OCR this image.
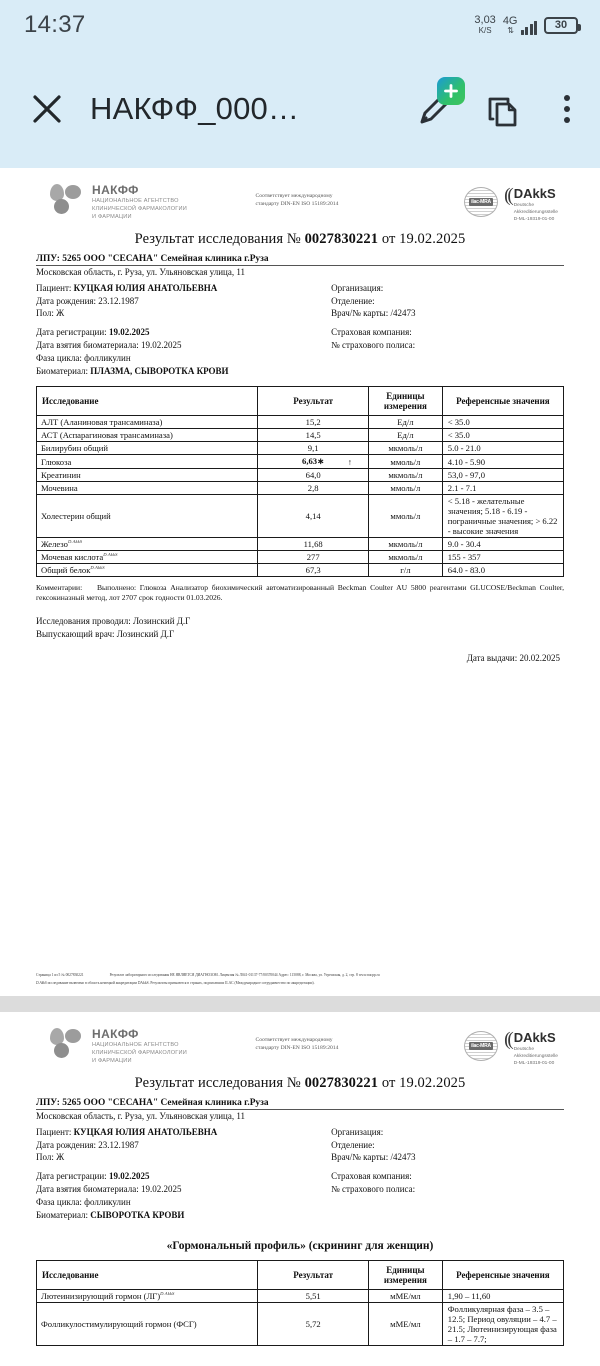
14:37	3,03
K/S
4G
⇅	30
НАКФФ_000…
НАКФФ
НАЦИОНАЛЬНОЕ АГЕНТСТВО
КЛИНИЧЕСКОЙ ФАРМАКОЛОГИИ
И ФАРМАЦИИ
Соответствует международному
стандарту DIN-EN ISO 15189:2014	ilac-MRA (( DAkkS
Deutsche
Akkreditierungsstelle
D-ML-19319-01-00
Результат исследования № 0027830221 от 19.02.2025
ЛПУ: 5265 ООО "СЕСАНА" Семейная клиника г.Руза
Московская область, г. Руза, ул. Ульяновская улица, 11
Пациент: КУЦКАЯ ЮЛИЯ АНАТОЛЬЕВНА
Дата рождения: 23.12.1987
Пол: Ж
Дата регистрации: 19.02.2025
Дата взятия биоматериала: 19.02.2025
Фаза цикла: фолликулин
Биоматериал: ПЛАЗМА, СЫВОРОТКА КРОВИ
Организация:
Отделение:
Врач/№ карты: /42473
Страховая компания:
№ страхового полиса:
Исследование	Результат	Единицы
измерения	Референсные значения
АЛТ (Аланиновая трансаминаза)	15,2	Ед/л	< 35.0
АСТ (Аспарагиновая трансаминаза)	14,5	Ед/л	< 35.0
Билирубин общий	9,1	мкмоль/л	5.0 - 21.0
Глюкоза	6,63∗ ↑	ммоль/л	4.10 - 5.90
Креатинин	64,0	мкмоль/л	53,0 - 97,0
Мочевина	2,8	ммоль/л	2.1 - 7.1
Холестерин общий	4,14	ммоль/л	< 5.18 - желательные значения; 5.18 - 6.19 - пограничные значения; > 6.22 - высокие значения
Железо$^{D.AkkS}$	11,68	мкмоль/л	9.0 - 30.4
Мочевая кислота$^{D.AkkS}$	277	мкмоль/л	155 - 357
Общий белок$^{D.AkkS}$	67,3	г/л	64.0 - 83.0
Комментарии: Выполнено: Глюкоза Анализатор биохимический автоматизированный Beckman Coulter AU 5800 реагентами GLUCOSE/Beckman Coulter, гексокиназный метод, лот 2707 срок годности 01.03.2026.
Исследования проводил: Лозинский Д.Г
Выпускающий врач: Лозинский Д.Г
Дата выдачи: 20.02.2025
Страница 1 из 5 № 0027830221	Результат лабораторного исследования НЕ ЯВЛЯЕТСЯ ДИАГНОЗОМ. Лицензия № Л041-01137-77/00370044 Адрес: 115088, г. Москва, ул. Угрешская, д. 2, стр. 8 www.nacpp.ru
D.AkkS исследование включено в область немецкой аккредитации DAkkS. Результаты признаются в странах, подписавших ILAC (Международное сотрудничество по аккредитации).
НАКФФ
НАЦИОНАЛЬНОЕ АГЕНТСТВО
КЛИНИЧЕСКОЙ ФАРМАКОЛОГИИ
И ФАРМАЦИИ
Соответствует международному
стандарту DIN-EN ISO 15189:2014	ilac-MRA (( DAkkS
Deutsche
Akkreditierungsstelle
D-ML-19319-01-00
Результат исследования № 0027830221 от 19.02.2025
ЛПУ: 5265 ООО "СЕСАНА" Семейная клиника г.Руза
Московская область, г. Руза, ул. Ульяновская улица, 11
Пациент: КУЦКАЯ ЮЛИЯ АНАТОЛЬЕВНА
Дата рождения: 23.12.1987
Пол: Ж
Дата регистрации: 19.02.2025
Дата взятия биоматериала: 19.02.2025
Фаза цикла: фолликулин
Биоматериал: СЫВОРОТКА КРОВИ
Организация:
Отделение:
Врач/№ карты: /42473
Страховая компания:
№ страхового полиса:
«Гормональный профиль» (скрининг для женщин)
Исследование	Результат	Единицы
измерения	Референсные значения
Лютеинизирующий гормон (ЛГ)$^{D.AkkS}$	5,51	мМЕ/мл	1,90 – 11,60
Фолликулостимулирующий гормон (ФСГ)	5,72	мМЕ/мл	Фолликулярная фаза – 3.5 – 12.5; Период овуляции – 4.7 – 21.5; Лютеинизирующая фаза – 1.7 – 7.7;
